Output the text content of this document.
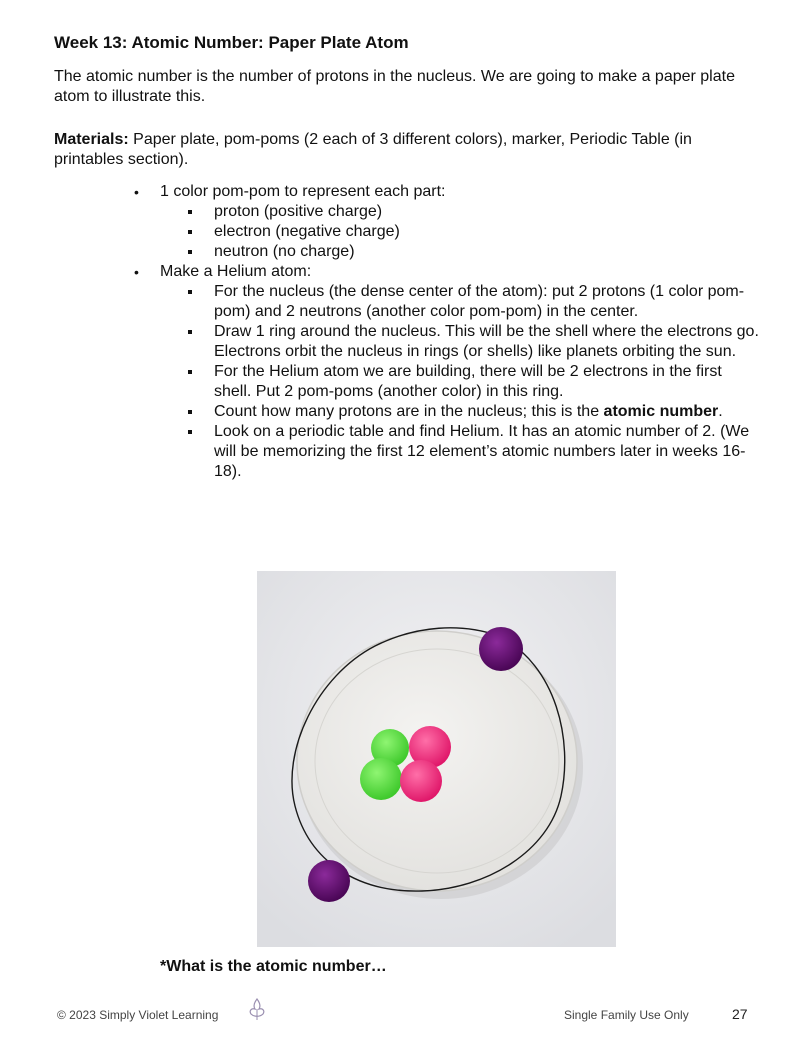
Week 13: Atomic Number: Paper Plate Atom

The atomic number is the number of protons in the nucleus. We are going to make a paper plate atom to illustrate this.

Materials: Paper plate, pom-poms (2 each of 3 different colors), marker, Periodic Table (in printables section).

• 1 color pom-pom to represent each part:
proton (positive charge)
electron (negative charge)
neutron (no charge)
• Make a Helium atom:
For the nucleus (the dense center of the atom): put 2 protons (1 color pom-pom) and 2 neutrons (another color pom-pom) in the center.
Draw 1 ring around the nucleus. This will be the shell where the electrons go. Electrons orbit the nucleus in rings (or shells) like planets orbiting the sun.
For the Helium atom we are building, there will be 2 electrons in the first shell. Put 2 pom-poms (another color) in this ring.
Count how many protons are in the nucleus; this is the atomic number.
Look on a periodic table and find Helium. It has an atomic number of 2. (We will be memorizing the first 12 element’s atomic numbers later in weeks 16-18).

*What is the atomic number…

© 2023 Simply Violet Learning	Single Family Use Only	27
